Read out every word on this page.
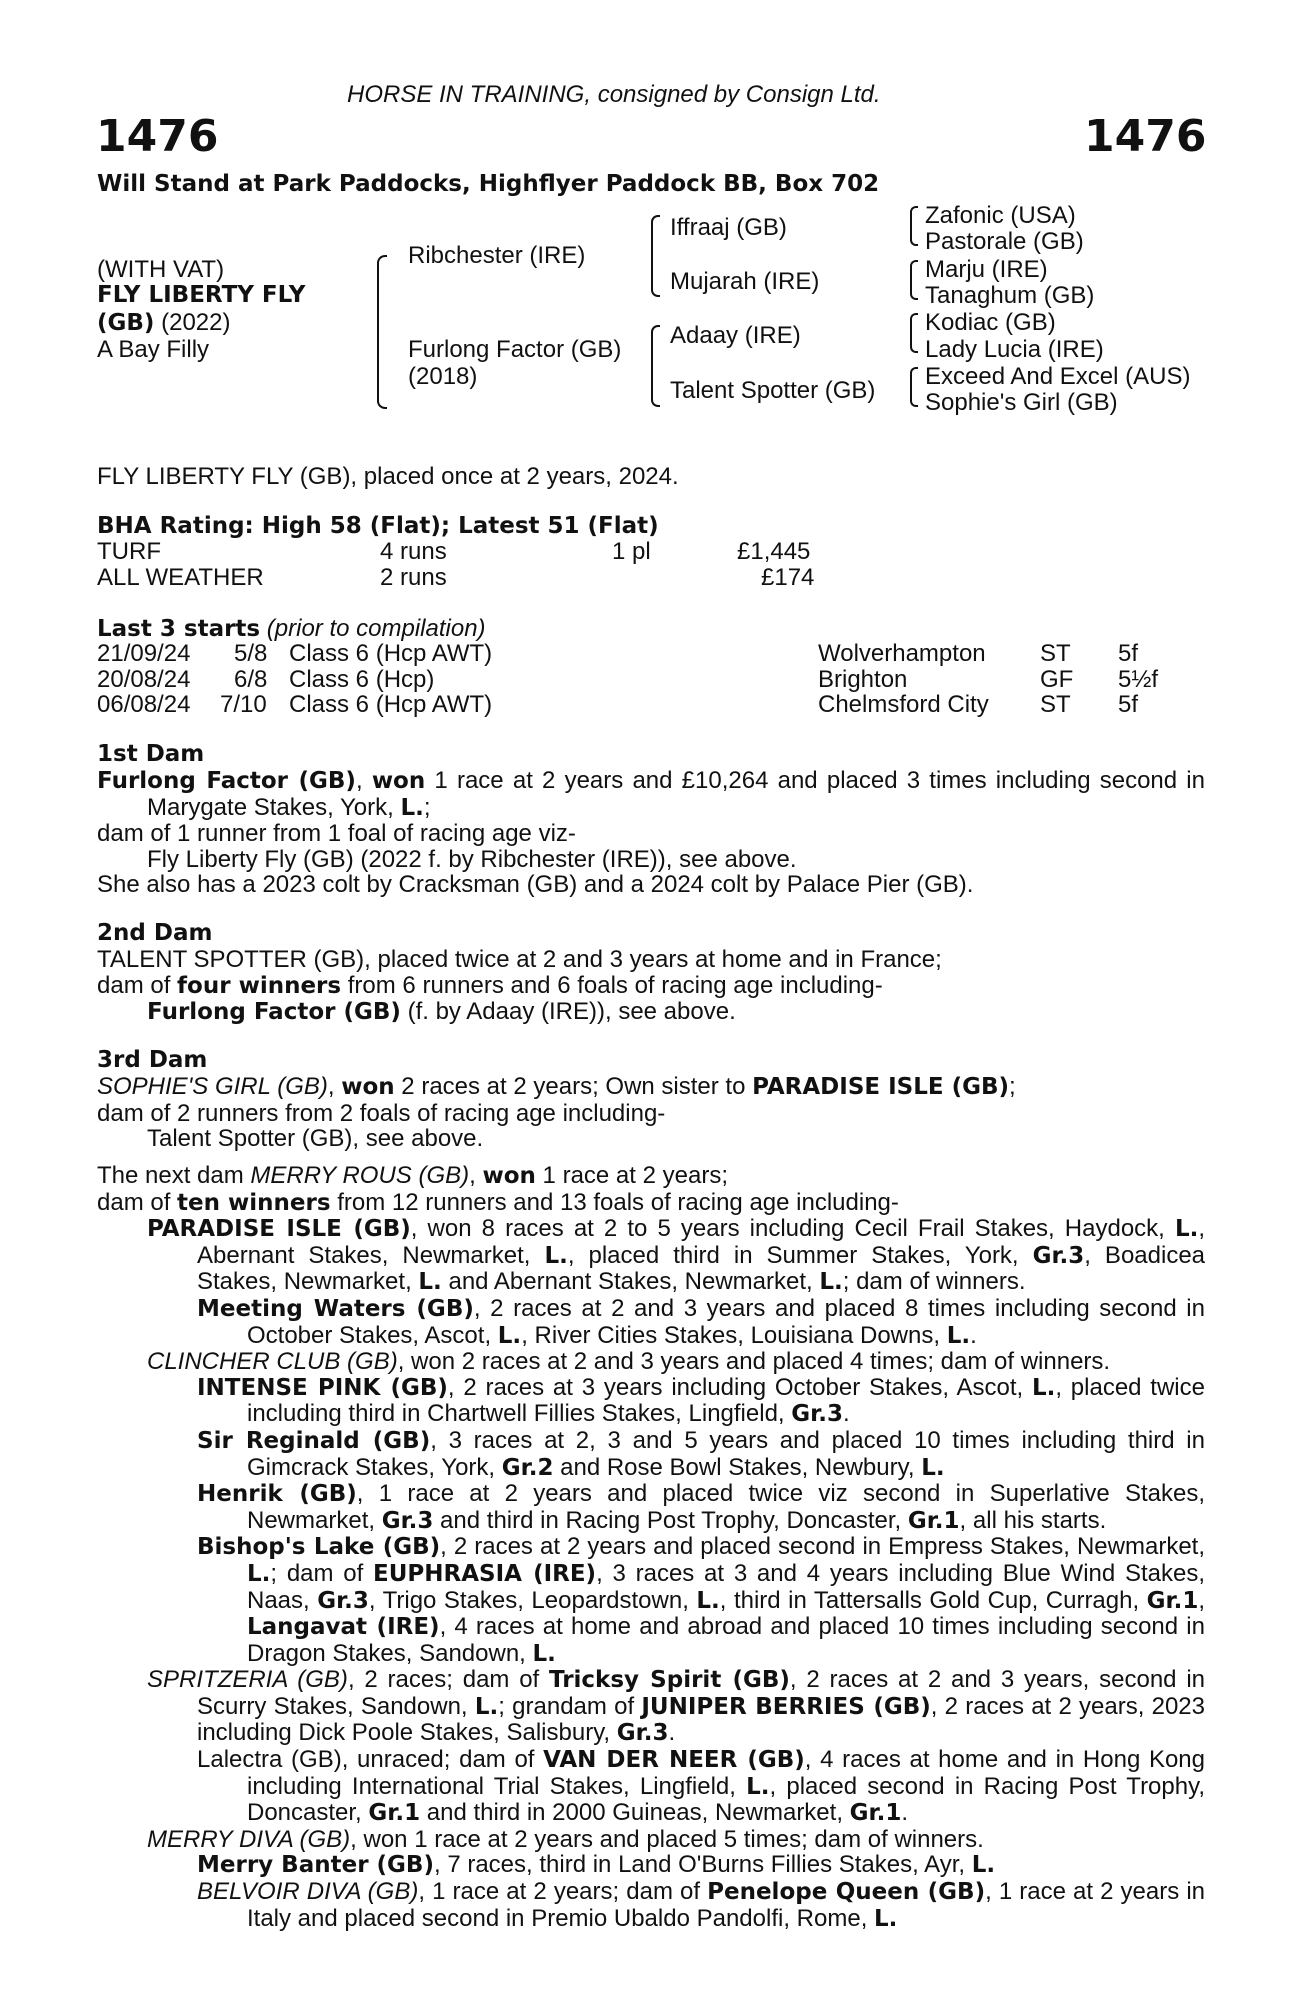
HORSE IN TRAINING, consigned by Consign Ltd.
1476	1476
Will Stand at Park Paddocks, Highflyer Paddock BB, Box 702
(WITH VAT)
FLY LIBERTY FLY
(GB) (2022)
A Bay Filly
Ribchester (IRE)
Furlong Factor (GB)
(2018)
Iffraaj (GB)
Mujarah (IRE)
Adaay (IRE)
Talent Spotter (GB)
Zafonic (USA)
Pastorale (GB)
Marju (IRE)
Tanaghum (GB)
Kodiac (GB)
Lady Lucia (IRE)
Exceed And Excel (AUS)
Sophie's Girl (GB)
FLY LIBERTY FLY (GB), placed once at 2 years, 2024.
BHA Rating: High 58 (Flat); Latest 51 (Flat)
TURF	4 runs	1 pl	£1,445
ALL WEATHER	2 runs	£174
Last 3 starts (prior to compilation)
21/09/24 5/8 Class 6 (Hcp AWT)	Wolverhampton ST 5f
20/08/24 6/8 Class 6 (Hcp)	Brighton	GF 5½f
06/08/24 7/10 Class 6 (Hcp AWT)	Chelmsford City ST 5f
1st Dam
Furlong Factor (GB), won 1 race at 2 years and £10,264 and placed 3 times including second in Marygate Stakes, York, L.;
dam of 1 runner from 1 foal of racing age viz-
Fly Liberty Fly (GB) (2022 f. by Ribchester (IRE)), see above.
She also has a 2023 colt by Cracksman (GB) and a 2024 colt by Palace Pier (GB).
2nd Dam
TALENT SPOTTER (GB), placed twice at 2 and 3 years at home and in France;
dam of four winners from 6 runners and 6 foals of racing age including-
Furlong Factor (GB) (f. by Adaay (IRE)), see above.
3rd Dam
SOPHIE'S GIRL (GB), won 2 races at 2 years; Own sister to PARADISE ISLE (GB);
dam of 2 runners from 2 foals of racing age including-
Talent Spotter (GB), see above.
The next dam MERRY ROUS (GB), won 1 race at 2 years;
dam of ten winners from 12 runners and 13 foals of racing age including-
PARADISE ISLE (GB), won 8 races at 2 to 5 years including Cecil Frail Stakes, Haydock, L., Abernant Stakes, Newmarket, L., placed third in Summer Stakes, York, Gr.3, Boadicea Stakes, Newmarket, L. and Abernant Stakes, Newmarket, L.; dam of winners.
Meeting Waters (GB), 2 races at 2 and 3 years and placed 8 times including second in October Stakes, Ascot, L., River Cities Stakes, Louisiana Downs, L..
CLINCHER CLUB (GB), won 2 races at 2 and 3 years and placed 4 times; dam of winners.
INTENSE PINK (GB), 2 races at 3 years including October Stakes, Ascot, L., placed twice including third in Chartwell Fillies Stakes, Lingfield, Gr.3.
Sir Reginald (GB), 3 races at 2, 3 and 5 years and placed 10 times including third in Gimcrack Stakes, York, Gr.2 and Rose Bowl Stakes, Newbury, L.
Henrik (GB), 1 race at 2 years and placed twice viz second in Superlative Stakes, Newmarket, Gr.3 and third in Racing Post Trophy, Doncaster, Gr.1, all his starts.
Bishop's Lake (GB), 2 races at 2 years and placed second in Empress Stakes, Newmarket, L.; dam of EUPHRASIA (IRE), 3 races at 3 and 4 years including Blue Wind Stakes, Naas, Gr.3, Trigo Stakes, Leopardstown, L., third in Tattersalls Gold Cup, Curragh, Gr.1, Langavat (IRE), 4 races at home and abroad and placed 10 times including second in Dragon Stakes, Sandown, L.
SPRITZERIA (GB), 2 races; dam of Tricksy Spirit (GB), 2 races at 2 and 3 years, second in Scurry Stakes, Sandown, L.; grandam of JUNIPER BERRIES (GB), 2 races at 2 years, 2023 including Dick Poole Stakes, Salisbury, Gr.3.
Lalectra (GB), unraced; dam of VAN DER NEER (GB), 4 races at home and in Hong Kong including International Trial Stakes, Lingfield, L., placed second in Racing Post Trophy, Doncaster, Gr.1 and third in 2000 Guineas, Newmarket, Gr.1.
MERRY DIVA (GB), won 1 race at 2 years and placed 5 times; dam of winners.
Merry Banter (GB), 7 races, third in Land O'Burns Fillies Stakes, Ayr, L.
BELVOIR DIVA (GB), 1 race at 2 years; dam of Penelope Queen (GB), 1 race at 2 years in Italy and placed second in Premio Ubaldo Pandolfi, Rome, L.
